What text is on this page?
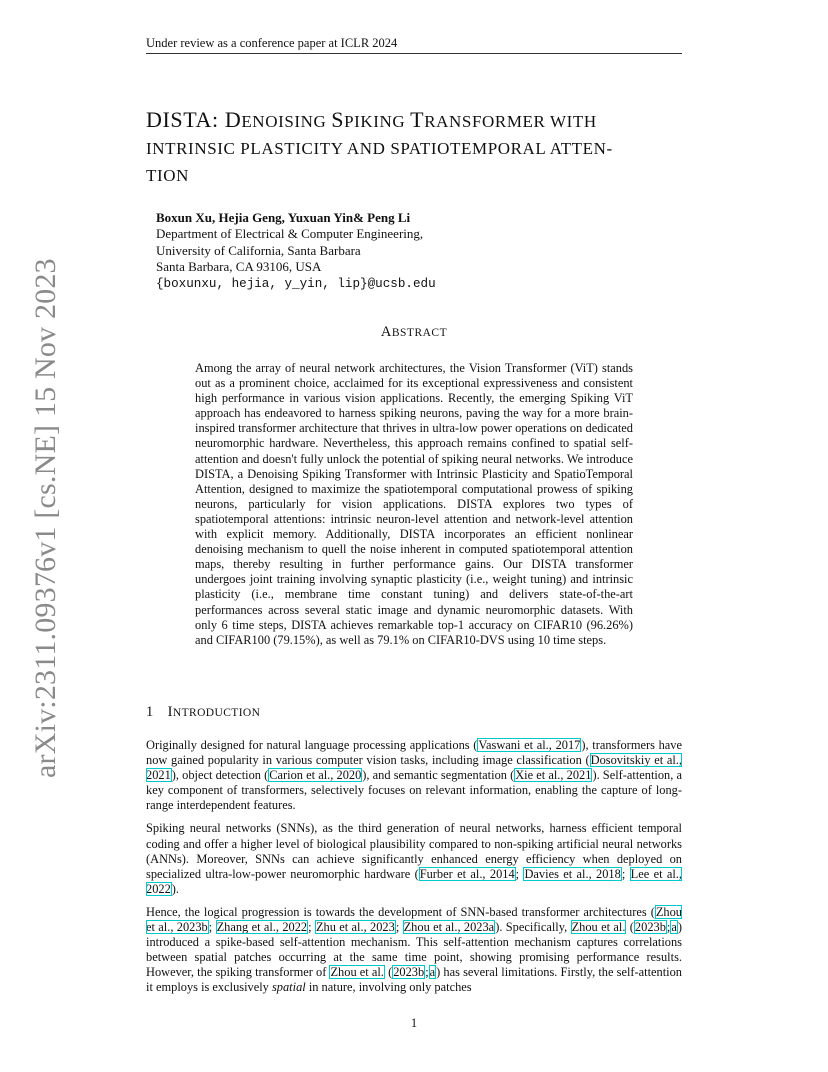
Under review as a conference paper at ICLR 2024
arXiv:2311.09376v1 [cs.NE] 15 Nov 2023
DISTA: DENOISING SPIKING TRANSFORMER WITH
INTRINSIC PLASTICITY AND SPATIOTEMPORAL ATTEN-
TION
Boxun Xu, Hejia Geng, Yuxuan Yin& Peng Li
Department of Electrical & Computer Engineering,
University of California, Santa Barbara
Santa Barbara, CA 93106, USA
{boxunxu, hejia, y_yin, lip}@ucsb.edu
ABSTRACT
Among the array of neural network architectures, the Vision Transformer (ViT) stands out as a prominent choice, acclaimed for its exceptional expressiveness and consistent high performance in various vision applications. Recently, the emerging Spiking ViT approach has endeavored to harness spiking neurons, paving the way for a more brain-inspired transformer architecture that thrives in ultra-low power operations on dedicated neuromorphic hardware. Nevertheless, this approach remains confined to spatial self-attention and doesn't fully unlock the potential of spiking neural networks. We introduce DISTA, a Denoising Spiking Transformer with Intrinsic Plasticity and SpatioTemporal Attention, designed to maximize the spatiotemporal computational prowess of spiking neurons, particularly for vision applications. DISTA explores two types of spatiotemporal attentions: intrinsic neuron-level attention and network-level attention with explicit memory. Additionally, DISTA incorporates an efficient nonlinear denoising mechanism to quell the noise inherent in computed spatiotemporal attention maps, thereby resulting in further performance gains. Our DISTA transformer undergoes joint training involving synaptic plasticity (i.e., weight tuning) and intrinsic plasticity (i.e., membrane time constant tuning) and delivers state-of-the-art performances across several static image and dynamic neuromorphic datasets. With only 6 time steps, DISTA achieves remarkable top-1 accuracy on CIFAR10 (96.26%) and CIFAR100 (79.15%), as well as 79.1% on CIFAR10-DVS using 10 time steps.
1 INTRODUCTION

Originally designed for natural language processing applications (Vaswani et al., 2017), transformers have now gained popularity in various computer vision tasks, including image classification (Dosovitskiy et al., 2021), object detection (Carion et al., 2020), and semantic segmentation (Xie et al., 2021). Self-attention, a key component of transformers, selectively focuses on relevant information, enabling the capture of long-range interdependent features.

Spiking neural networks (SNNs), as the third generation of neural networks, harness efficient temporal coding and offer a higher level of biological plausibility compared to non-spiking artificial neural networks (ANNs). Moreover, SNNs can achieve significantly enhanced energy efficiency when deployed on specialized ultra-low-power neuromorphic hardware (Furber et al., 2014; Davies et al., 2018; Lee et al., 2022).

Hence, the logical progression is towards the development of SNN-based transformer architectures (Zhou et al., 2023b; Zhang et al., 2022; Zhu et al., 2023; Zhou et al., 2023a). Specifically, Zhou et al. (2023b;a) introduced a spike-based self-attention mechanism. This self-attention mechanism captures correlations between spatial patches occurring at the same time point, showing promising performance results. However, the spiking transformer of Zhou et al. (2023b;a) has several limitations. Firstly, the self-attention it employs is exclusively spatial in nature, involving only patches

1
